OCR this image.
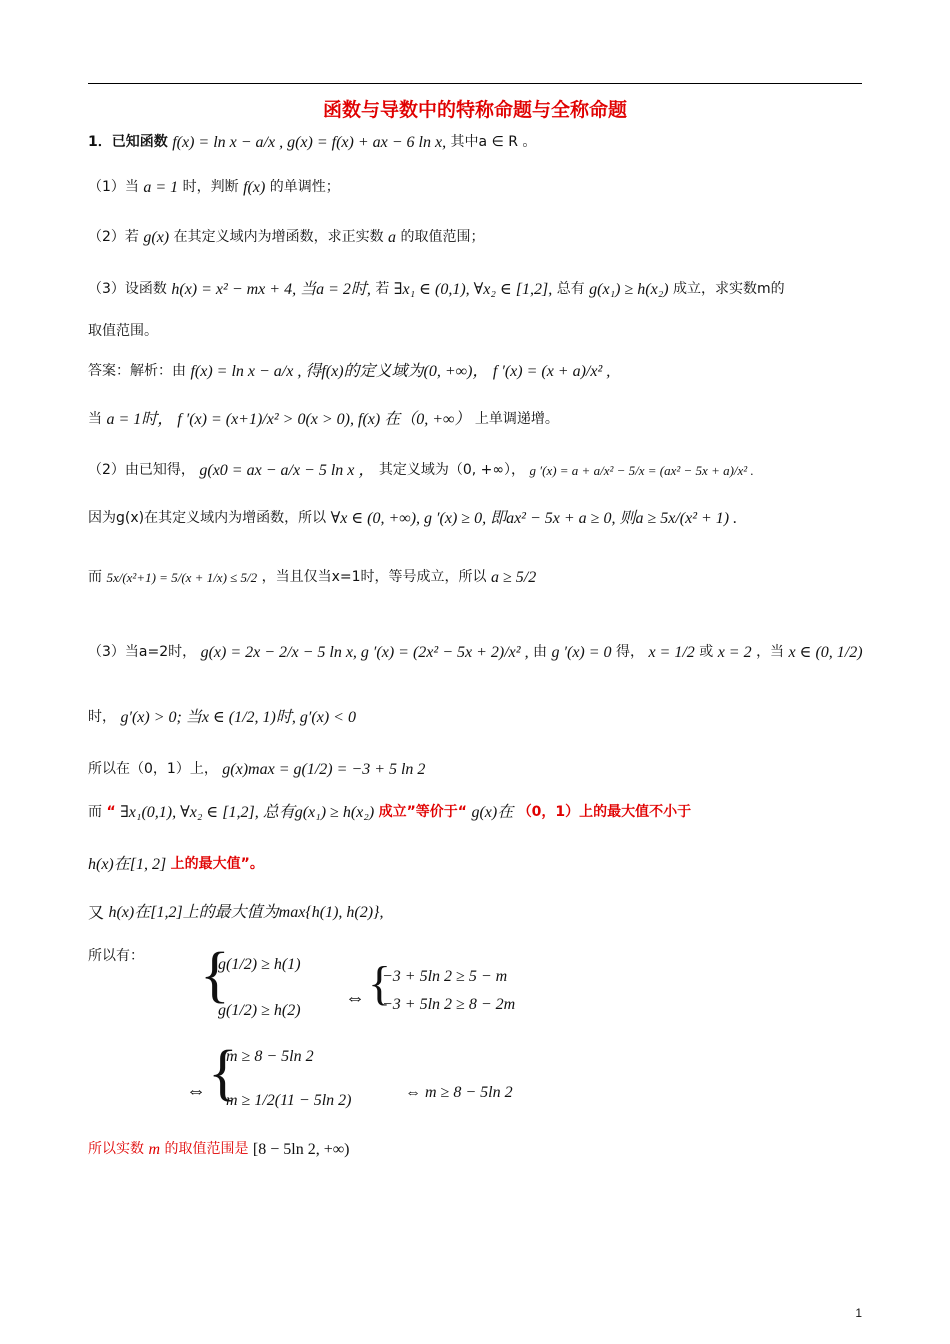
函数与导数中的特称命题与全称命题
1．已知函数 f(x) = ln x − a/x , g(x) = f(x) + ax − 6 ln x, 其中a ∈ R 。
（1）当 a = 1 时，判断 f(x) 的单调性；
（2）若 g(x) 在其定义域内为增函数，求正实数 a 的取值范围；
（3）设函数 h(x) = x² − mx + 4, 当a = 2时, 若 ∃x₁ ∈ (0,1), ∀x₂ ∈ [1,2], 总有 g(x₁) ≥ h(x₂) 成立，求实数m的
取值范围。
答案：解析：由 f(x) = ln x − a/x , 得f(x)的定义域为(0, +∞)， f ′(x) = (x + a)/x² ,
当 a = 1时， f ′(x) = (x+1)/x² > 0(x > 0), f(x) 在（0, +∞） 上单调递增。
（2）由已知得， g(x0 = ax − a/x − 5 ln x ， 其定义域为（0, +∞）， g ′(x) = a + a/x² − 5/x = (ax² − 5x + a)/x² .
因为g(x)在其定义域内为增函数，所以 ∀x ∈ (0, +∞), g ′(x) ≥ 0, 即ax² − 5x + a ≥ 0, 则a ≥ 5x/(x² + 1) .
而 5x/(x²+1) = 5/(x + 1/x) ≤ 5/2 ，当且仅当x=1时，等号成立，所以 a ≥ 5/2
（3）当a=2时， g(x) = 2x − 2/x − 5 ln x, g ′(x) = (2x² − 5x + 2)/x² , 由 g ′(x) = 0 得， x = 1/2 或 x = 2 ，当 x ∈ (0, 1/2)
时， g′(x) > 0; 当x ∈ (1/2, 1)时, g′(x) < 0
所以在（0，1）上， g(x)max = g(1/2) = −3 + 5 ln 2
而 “ ∃x₁(0,1), ∀x₂ ∈ [1,2], 总有g(x₁) ≥ h(x₂) 成立”等价于“ g(x)在 （0，1）上的最大值不小于
h(x)在[1, 2] 上的最大值”。
又 h(x)在[1,2]上的最大值为max{h(1), h(2)},
所以有： {
g(1/2) ≥ h(1)
g(1/2) ≥ h(2)
⇔ {
−3 + 5ln 2 ≥ 5 − m
−3 + 5ln 2 ≥ 8 − 2m
⇔ {
m ≥ 8 − 5ln 2
m ≥ 1/2(11 − 5ln 2)	⇔ m ≥ 8 − 5ln 2
所以实数 m 的取值范围是 [8 − 5ln 2, +∞)
1
